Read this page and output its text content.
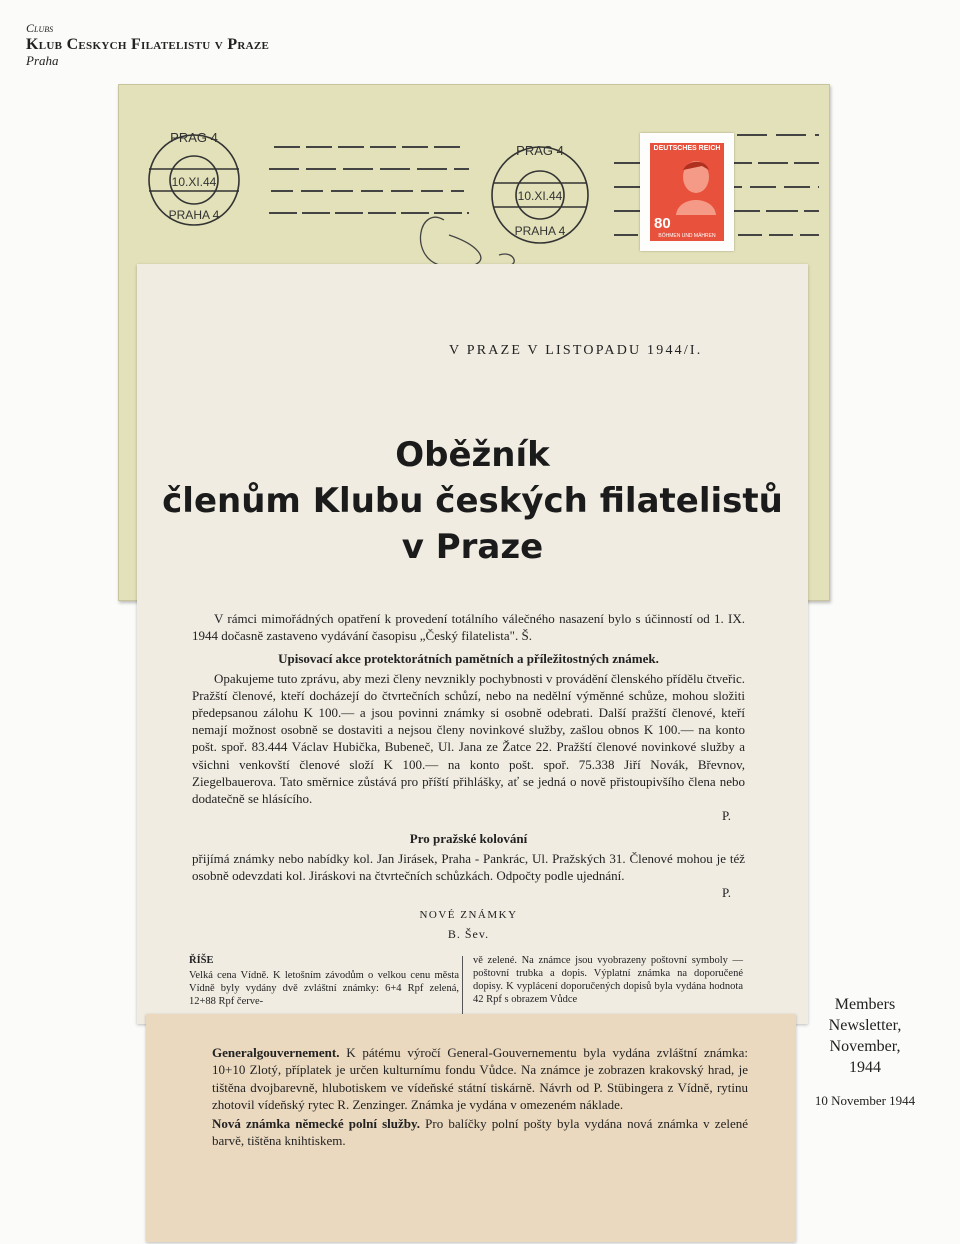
Clubs
Klub Ceskych Filatelistu v Praze
Praha
PRAG 4
10.XI.44
PRAHA 4
PRAG 4
10.XI.44
PRAHA 4
DEUTSCHES REICH
80
BÖHMEN UND MÄHREN
V PRAZE V LISTOPADU 1944/I.
Oběžník
členům Klubu českých filatelistů
v Praze

V rámci mimořádných opatření k provedení totálního válečného nasazení bylo s účinností od 1. IX. 1944 dočasně zastaveno vydávání časopisu „Český filatelista". Š.

Upisovací akce protektorátních pamětních a příležitostných známek.

Opakujeme tuto zprávu, aby mezi členy nevznikly pochybnosti v provádění členského přídělu čtveřic. Pražští členové, kteří docházejí do čtvrtečních schůzí, nebo na nedělní výměnné schůze, mohou složiti předepsanou zálohu K 100.— a jsou povinni známky si osobně odebrati. Další pražští členové, kteří nemají možnost osobně se dostaviti a nejsou členy novinkové služby, zašlou obnos K 100.— na konto pošt. spoř. 83.444 Václav Hubička, Bubeneč, Ul. Jana ze Žatce 22. Pražští členové novinkové služby a všichni venkovští členové složí K 100.— na konto pošt. spoř. 75.338 Jiří Novák, Břevnov, Ziegelbauerova. Tato směrnice zůstává pro příští přihlášky, ať se jedná o nově přistoupivšího člena nebo dodatečně se hlásícího.

P.

Pro pražské kolování

přijímá známky nebo nabídky kol. Jan Jirásek, Praha - Pankrác, Ul. Pražských 31. Členové mohou je též osobně odevzdati kol. Jiráskovi na čtvrtečních schůzkách. Odpočty podle ujednání.

P.
NOVÉ ZNÁMKY
B. Šev.
ŘÍŠE
Velká cena Vídně. K letošním závodům o velkou cenu města Vídně byly vydány dvě zvláštní známky: 6+4 Rpf zelená, 12+88 Rpf červe-
vě zelené. Na známce jsou vyobrazeny poštovní symboly — poštovní trubka a dopis. Výplatní známka na doporučené dopisy. K vyplácení doporučených dopisů byla vydána hodnota 42 Rpf s obrazem Vůdce

Generalgouvernement. K pátému výročí General-Gouvernementu byla vydána zvláštní známka: 10+10 Zlotý, příplatek je určen kulturnímu fondu Vůdce. Na známce je zobrazen krakovský hrad, je tištěna dvojbarevně, hlubotiskem ve vídeňské státní tiskárně. Návrh od P. Stübingera z Vídně, rytinu zhotovil vídeňský rytec R. Zenzinger. Známka je vydána v omezeném náklade.

Nová známka německé polní služby. Pro balíčky polní pošty byla vydána nová známka v zelené barvě, tištěna knihtiskem.

Members Newsletter, November, 1944
10 November 1944
